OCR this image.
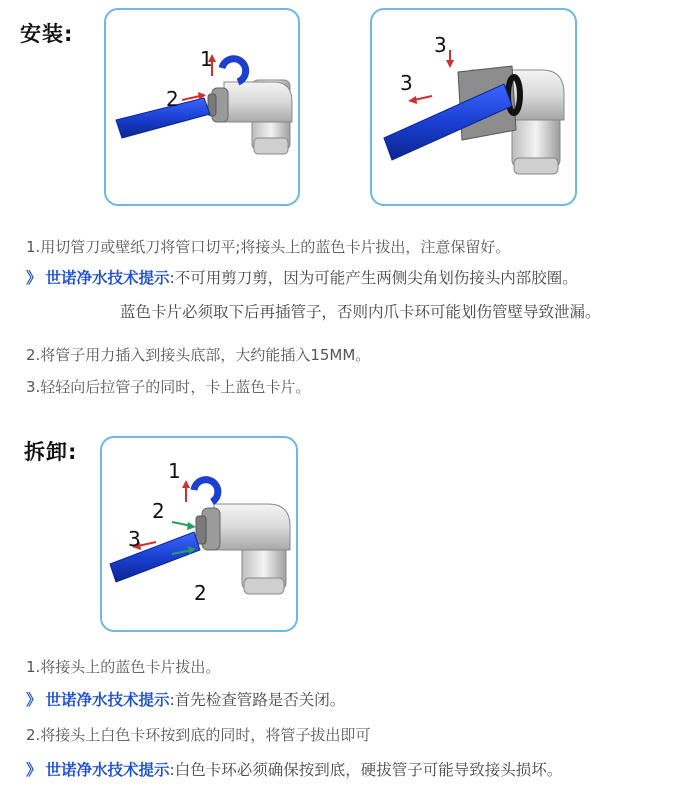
安装:
1
2
3
3
1.用切管刀或壁纸刀将管口切平;将接头上的蓝色卡片拔出，注意保留好。
》 世诺净水技术提示:不可用剪刀剪，因为可能产生两侧尖角划伤接头内部胶圈。
蓝色卡片必须取下后再插管子，否则内爪卡环可能划伤管壁导致泄漏。
2.将管子用力插入到接头底部，大约能插入15MM。
3.轻轻向后拉管子的同时，卡上蓝色卡片。
拆卸:
1
2
3
2
1.将接头上的蓝色卡片拔出。
》 世诺净水技术提示:首先检查管路是否关闭。
2.将接头上白色卡环按到底的同时，将管子拔出即可
》 世诺净水技术提示:白色卡环必须确保按到底，硬拔管子可能导致接头损坏。
